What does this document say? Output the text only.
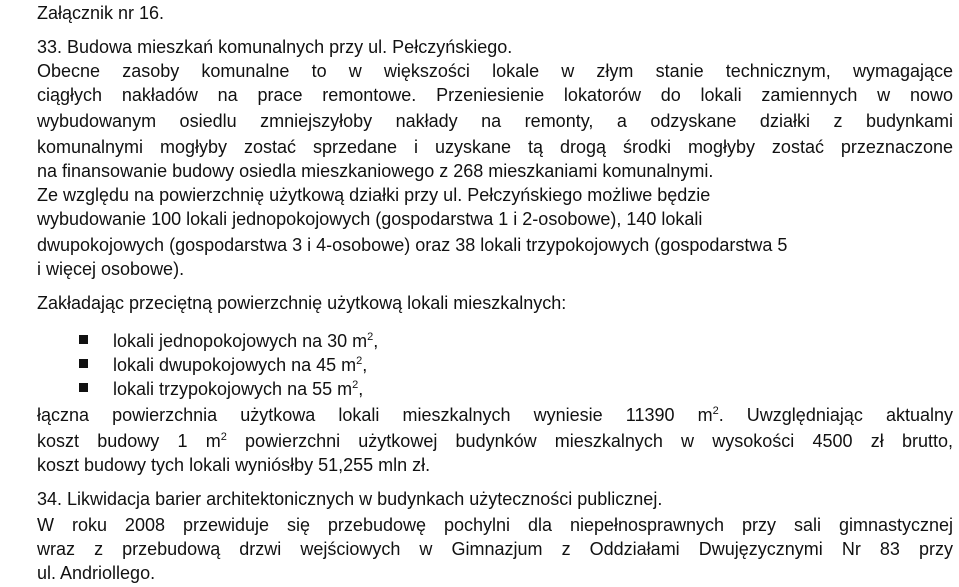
Załącznik nr 16.
33. Budowa mieszkań komunalnych przy ul. Pełczyńskiego.
Obecne zasoby komunalne to w większości lokale w złym stanie technicznym, wymagające
ciągłych nakładów na prace remontowe. Przeniesienie lokatorów do lokali zamiennych w nowo
wybudowanym osiedlu zmniejszyłoby nakłady na remonty, a odzyskane działki z budynkami
komunalnymi mogłyby zostać sprzedane i uzyskane tą drogą środki mogłyby zostać przeznaczone
na finansowanie budowy osiedla mieszkaniowego z 268 mieszkaniami komunalnymi.
Ze względu na powierzchnię użytkową działki przy ul. Pełczyńskiego możliwe będzie
wybudowanie 100 lokali jednopokojowych (gospodarstwa 1 i 2-osobowe), 140 lokali
dwupokojowych (gospodarstwa 3 i 4-osobowe) oraz 38 lokali trzypokojowych (gospodarstwa 5
i więcej osobowe).
Zakładając przeciętną powierzchnię użytkową lokali mieszkalnych:
lokali jednopokojowych na 30 $m^2$,
lokali dwupokojowych na 45 $m^2$,
lokali trzypokojowych na 55 $m^2$,
łączna powierzchnia użytkowa lokali mieszkalnych wyniesie 11390 $m^2$. Uwzględniając aktualny
koszt budowy 1 $m^2$ powierzchni użytkowej budynków mieszkalnych w wysokości 4500 zł brutto,
koszt budowy tych lokali wyniósłby 51,255 mln zł.
34. Likwidacja barier architektonicznych w budynkach użyteczności publicznej.
W roku 2008 przewiduje się przebudowę pochylni dla niepełnosprawnych przy sali gimnastycznej
wraz z przebudową drzwi wejściowych w Gimnazjum z Oddziałami Dwujęzycznymi Nr 83 przy
ul. Andriollego.
